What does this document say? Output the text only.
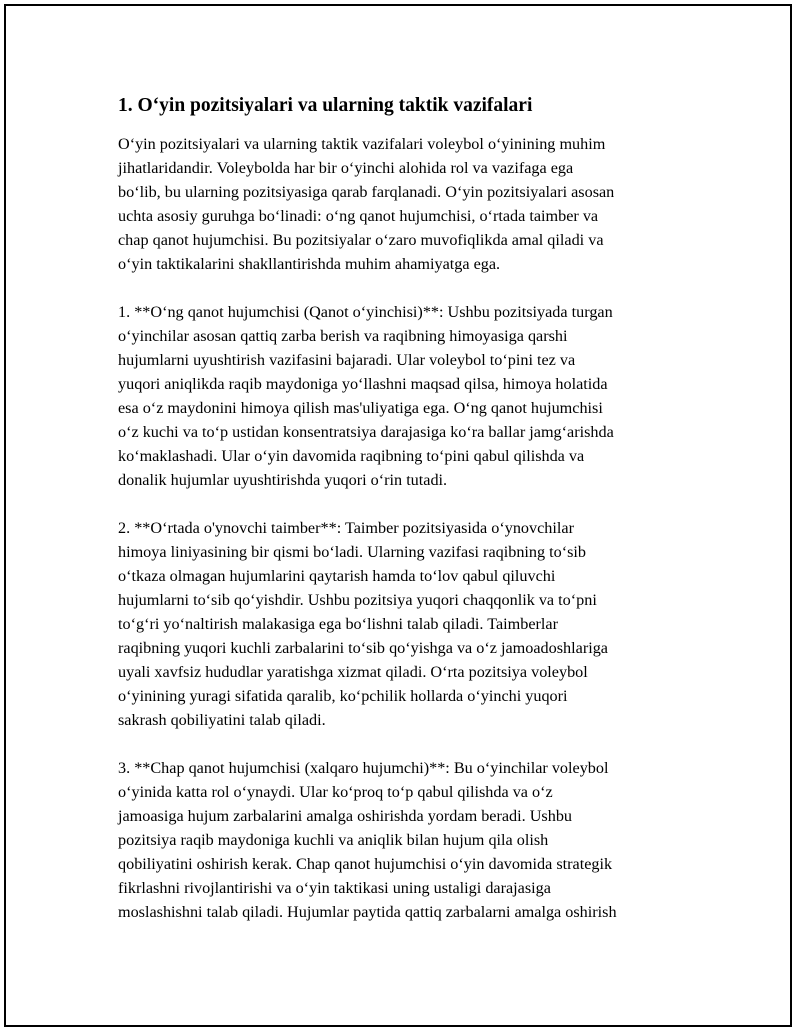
1. O‘yin pozitsiyalari va ularning taktik vazifalari
O‘yin pozitsiyalari va ularning taktik vazifalari voleybol o‘yinining muhim
jihatlaridandir. Voleybolda har bir o‘yinchi alohida rol va vazifaga ega
bo‘lib, bu ularning pozitsiyasiga qarab farqlanadi. O‘yin pozitsiyalari asosan
uchta asosiy guruhga bo‘linadi: o‘ng qanot hujumchisi, o‘rtada taimber va
chap qanot hujumchisi. Bu pozitsiyalar o‘zaro muvofiqlikda amal qiladi va
o‘yin taktikalarini shakllantirishda muhim ahamiyatga ega.
1. **O‘ng qanot hujumchisi (Qanot o‘yinchisi)**: Ushbu pozitsiyada turgan
o‘yinchilar asosan qattiq zarba berish va raqibning himoyasiga qarshi
hujumlarni uyushtirish vazifasini bajaradi. Ular voleybol to‘pini tez va
yuqori aniqlikda raqib maydoniga yo‘llashni maqsad qilsa, himoya holatida
esa o‘z maydonini himoya qilish mas'uliyatiga ega. O‘ng qanot hujumchisi
o‘z kuchi va to‘p ustidan konsentratsiya darajasiga ko‘ra ballar jamg‘arishda
ko‘maklashadi. Ular o‘yin davomida raqibning to‘pini qabul qilishda va
donalik hujumlar uyushtirishda yuqori o‘rin tutadi.
2. **O‘rtada o'ynovchi taimber**: Taimber pozitsiyasida o‘ynovchilar
himoya liniyasining bir qismi bo‘ladi. Ularning vazifasi raqibning to‘sib
o‘tkaza olmagan hujumlarini qaytarish hamda to‘lov qabul qiluvchi
hujumlarni to‘sib qo‘yishdir. Ushbu pozitsiya yuqori chaqqonlik va to‘pni
to‘g‘ri yo‘naltirish malakasiga ega bo‘lishni talab qiladi. Taimberlar
raqibning yuqori kuchli zarbalarini to‘sib qo‘yishga va o‘z jamoadoshlariga
uyali xavfsiz hududlar yaratishga xizmat qiladi. O‘rta pozitsiya voleybol
o‘yinining yuragi sifatida qaralib, ko‘pchilik hollarda o‘yinchi yuqori
sakrash qobiliyatini talab qiladi.
3. **Chap qanot hujumchisi (xalqaro hujumchi)**: Bu o‘yinchilar voleybol
o‘yinida katta rol o‘ynaydi. Ular ko‘proq to‘p qabul qilishda va o‘z
jamoasiga hujum zarbalarini amalga oshirishda yordam beradi. Ushbu
pozitsiya raqib maydoniga kuchli va aniqlik bilan hujum qila olish
qobiliyatini oshirish kerak. Chap qanot hujumchisi o‘yin davomida strategik
fikrlashni rivojlantirishi va o‘yin taktikasi uning ustaligi darajasiga
moslashishni talab qiladi. Hujumlar paytida qattiq zarbalarni amalga oshirish
